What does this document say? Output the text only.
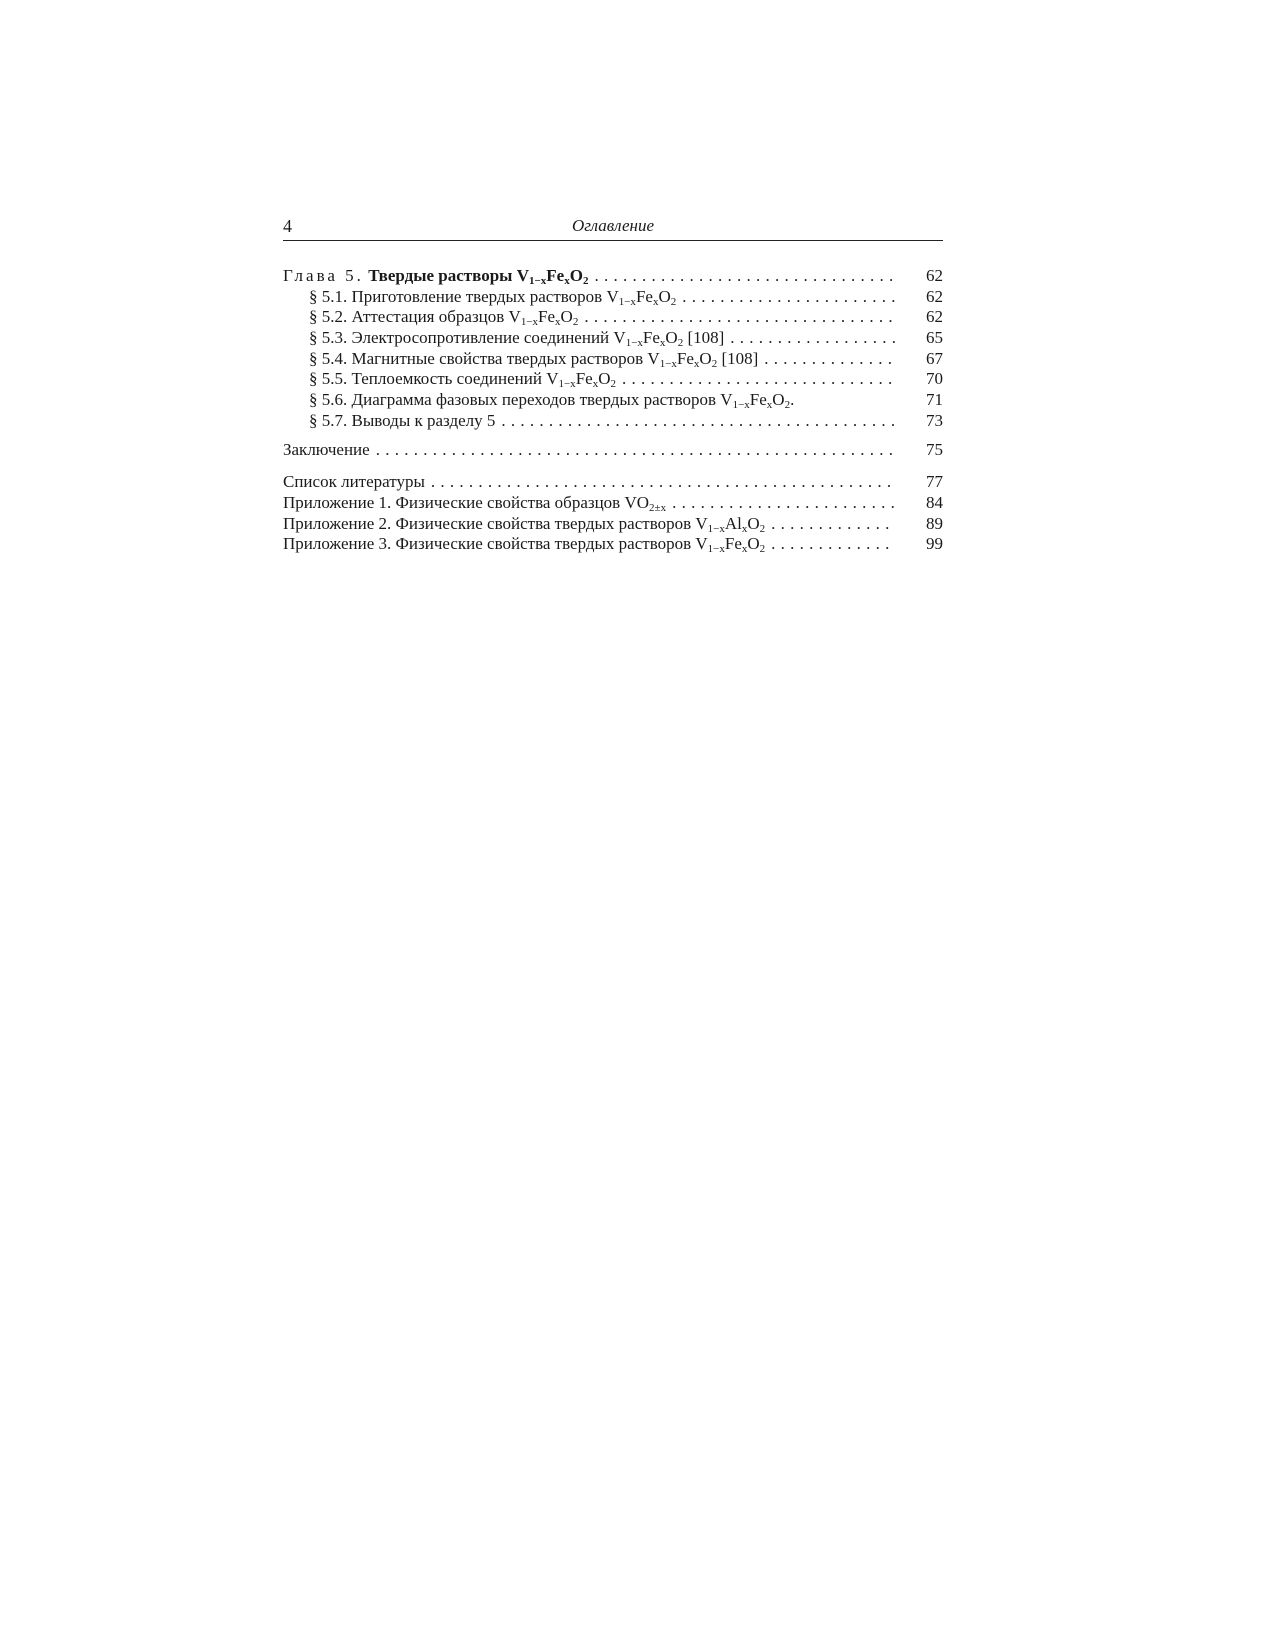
4	Оглавление
Глава 5. Твердые растворы $V_{1-x}Fe_xO_2$ . . .	62
§ 5.1. Приготовление твердых растворов $V_{1-x}Fe_xO_2$ . . .	62
§ 5.2. Аттестация образцов $V_{1-x}Fe_xO_2$ . . .	62
§ 5.3. Электросопротивление соединений $V_{1-x}Fe_xO_2$ [108] . . .	65
§ 5.4. Магнитные свойства твердых растворов $V_{1-x}Fe_xO_2$ [108] . . .	67
§ 5.5. Теплоемкость соединений $V_{1-x}Fe_xO_2$ . . .	70
§ 5.6. Диаграмма фазовых переходов твердых растворов $V_{1-x}Fe_xO_2$.	71
§ 5.7. Выводы к разделу 5 . . .	73
Заключение . . .	75
Список литературы . . .	77
Приложение 1. Физические свойства образцов $VO_{2\pm x}$ . . .	84
Приложение 2. Физические свойства твердых растворов $V_{1-x}Al_xO_2$ . . .	89
Приложение 3. Физические свойства твердых растворов $V_{1-x}Fe_xO_2$ . . .	99
